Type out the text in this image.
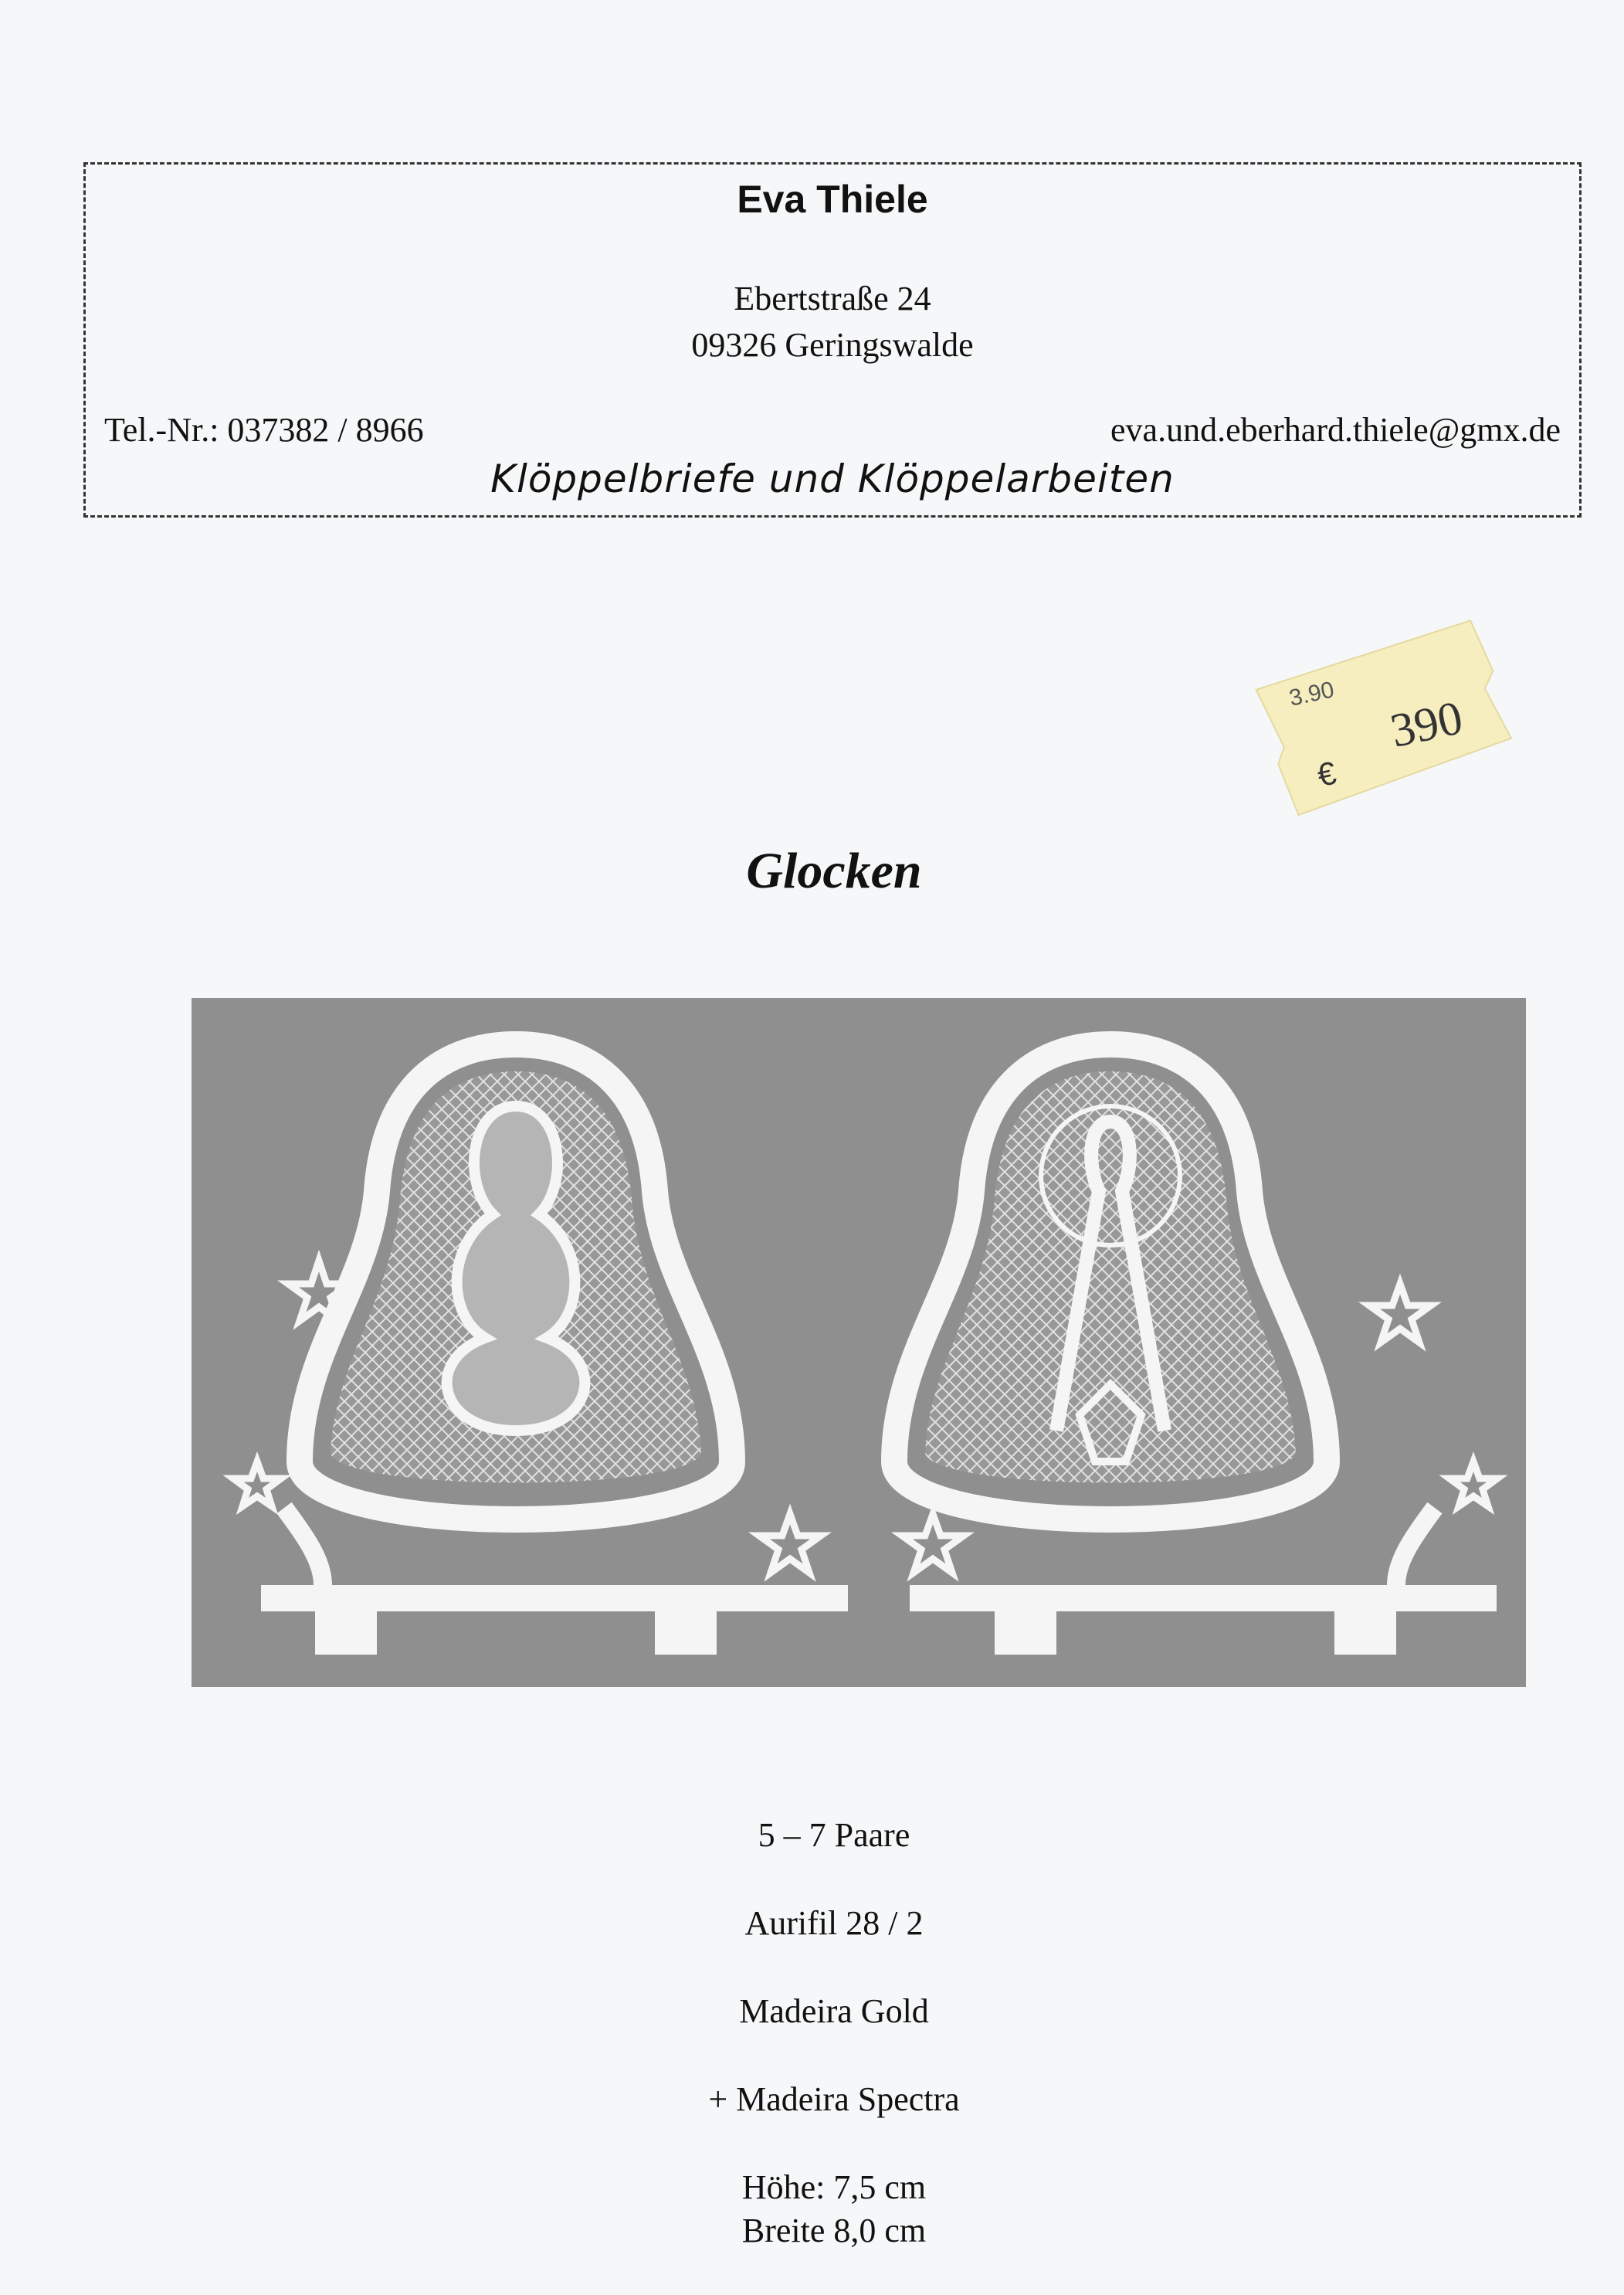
Eva Thiele
Ebertstraße 24
09326 Geringswalde
Tel.-Nr.: 037382 / 8966	eva.und.eberhard.thiele@gmx.de
Klöppelbriefe und Klöppelarbeiten
3.90
€
390
Glocken
5 – 7 Paare
Aurifil 28 / 2
Madeira Gold
+ Madeira Spectra
Höhe: 7,5 cm
Breite 8,0 cm
